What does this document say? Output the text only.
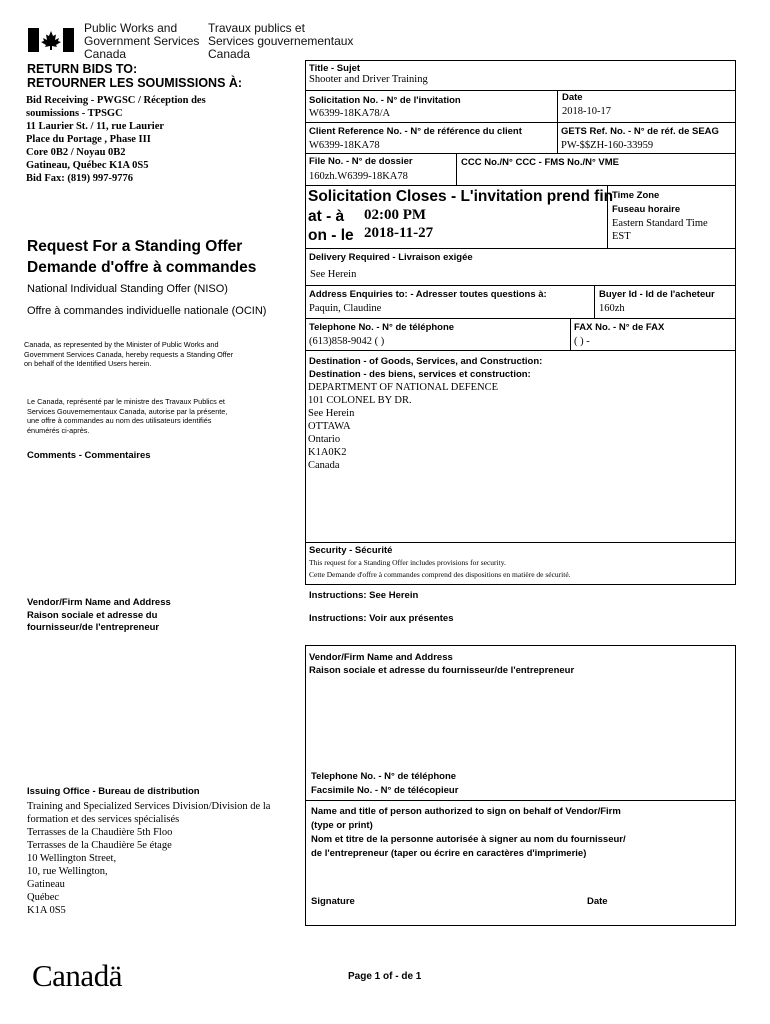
Public Works and
Government Services
Canada
Travaux publics et
Services gouvernementaux
Canada
RETURN BIDS TO:
RETOURNER LES SOUMISSIONS À:
Bid Receiving - PWGSC / Réception des
soumissions - TPSGC
11 Laurier St. / 11, rue Laurier
Place du Portage , Phase III
Core 0B2 / Noyau 0B2
Gatineau, Québec K1A 0S5
Bid Fax: (819) 997-9776
Request For a Standing Offer
Demande d'offre à commandes
National Individual Standing Offer (NISO)
Offre à commandes individuelle nationale (OCIN)
Canada, as represented by the Minister of Public Works and
Government Services Canada, hereby requests a Standing Offer
on behalf of the Identified Users herein.
Le Canada, représenté par le ministre des Travaux Publics et
Services Gouvernementaux Canada, autorise par la présente,
une offre à commandes au nom des utilisateurs identifiés
énumérés ci-après.
Comments - Commentaires
Vendor/Firm Name and Address
Raison sociale et adresse du
fournisseur/de l'entrepreneur
Issuing Office - Bureau de distribution
Training and Specialized Services Division/Division de la
formation et des services spécialisés
Terrasses de la Chaudière 5th Floo
Terrasses de la Chaudière 5e étage
10 Wellington Street,
10, rue Wellington,
Gatineau
Québec
K1A 0S5
Title - Sujet
Shooter and Driver Training
Solicitation No. - N° de l'invitation
W6399-18KA78/A
Date
2018-10-17
Client Reference No. - N° de référence du client
W6399-18KA78
GETS Ref. No. - N° de réf. de SEAG
PW-$$ZH-160-33959
File No. - N° de dossier
160zh.W6399-18KA78
CCC No./N° CCC - FMS No./N° VME
Solicitation Closes - L'invitation prend fin
at - à 02:00 PM
on - le 2018-11-27
Time Zone
Fuseau horaire
Eastern Standard Time
EST
Delivery Required - Livraison exigée
See Herein
Address Enquiries to: - Adresser toutes questions à:
Paquin, Claudine
Buyer Id - Id de l'acheteur
160zh
Telephone No. - N° de téléphone
(613)858-9042 ( )
FAX No. - N° de FAX
( ) -
Destination - of Goods, Services, and Construction:
Destination - des biens, services et construction:
DEPARTMENT OF NATIONAL DEFENCE
101 COLONEL BY DR.
See Herein
OTTAWA
Ontario
K1A0K2
Canada
Security - Sécurité
This request for a Standing Offer includes provisions for security.
Cette Demande d'offre à commandes comprend des dispositions en matière de sécurité.
Instructions: See Herein
Instructions: Voir aux présentes
Vendor/Firm Name and Address
Raison sociale et adresse du fournisseur/de l'entrepreneur
Telephone No. - N° de téléphone
Facsimile No. - N° de télécopieur
Name and title of person authorized to sign on behalf of Vendor/Firm
(type or print)
Nom et titre de la personne autorisée à signer au nom du fournisseur/
de l'entrepreneur (taper ou écrire en caractères d'imprimerie)
Signature	Date
Canadä	Page 1 of - de 1
